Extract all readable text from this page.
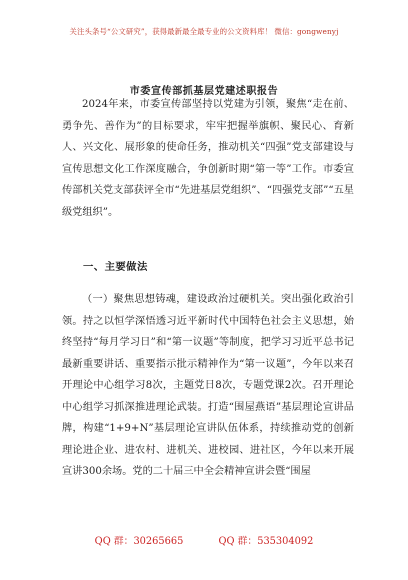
关注头条号“公文研究”，获得最新最全最专业的公文资料库！ 微信：gongwenyj
市委宣传部抓基层党建述职报告

2024年来，市委宣传部坚持以党建为引领，聚焦“走在前、勇争先、善作为”的目标要求，牢牢把握举旗帜、聚民心、育新人、兴文化、展形象的使命任务，推动机关“四强”党支部建设与宣传思想文化工作深度融合，争创新时期“第一等”工作。市委宣传部机关党支部获评全市“先进基层党组织”、“四强党支部”“五星级党组织”。

一、主要做法

（一）聚焦思想铸魂，建设政治过硬机关。突出强化政治引领。持之以恒学深悟透习近平新时代中国特色社会主义思想，始终坚持“每月学习日”和“第一议题”等制度，把学习习近平总书记最新重要讲话、重要指示批示精神作为“第一议题”，今年以来召开理论中心组学习8次，主题党日8次，专题党课2次。召开理论中心组学习抓深推进理论武装。打造“围屋燕语”基层理论宣讲品牌，构建“1+9+N”基层理论宣讲队伍体系，持续推动党的创新理论进企业、进农村、进机关、进校园、进社区，今年以来开展宣讲300余场。党的二十届三中全会精神宣讲会暨“围屋

QQ 群：30265665	QQ 群：535304092
